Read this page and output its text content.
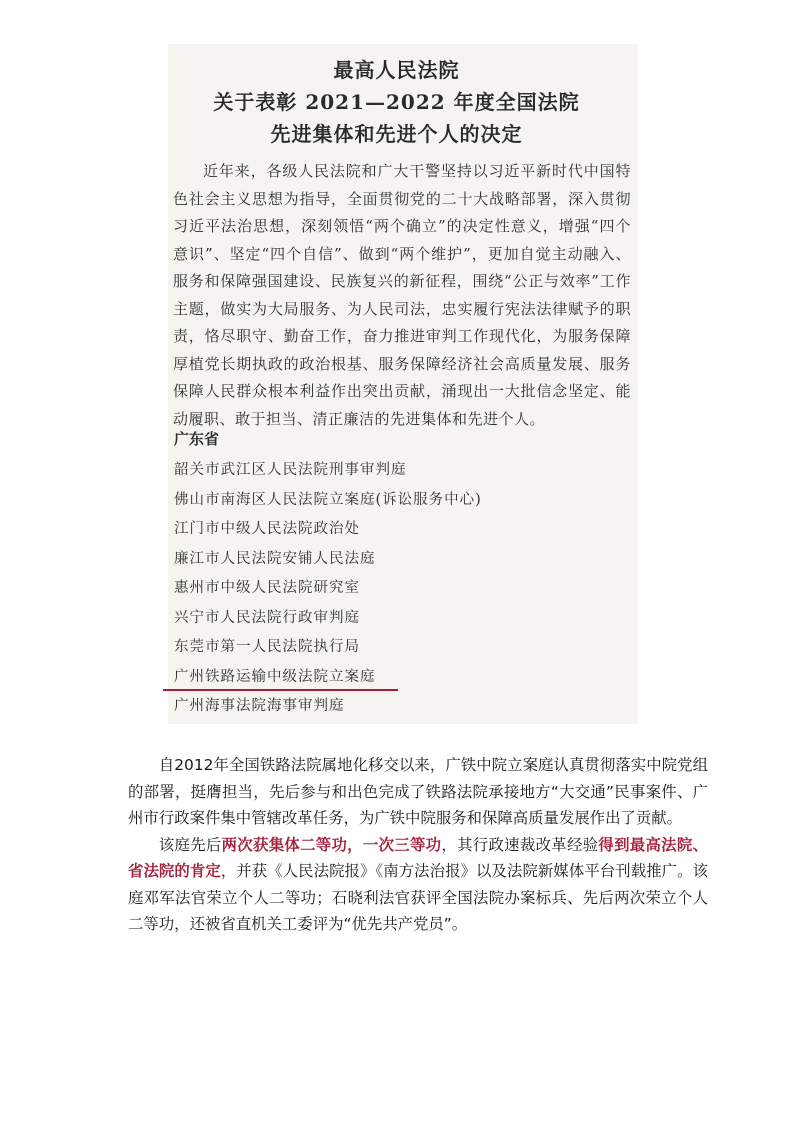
最高人民法院
关于表彰 2021—2022 年度全国法院
先进集体和先进个人的决定

近年来，各级人民法院和广大干警坚持以习近平新时代中国特色社会主义思想为指导，全面贯彻党的二十大战略部署，深入贯彻习近平法治思想，深刻领悟“两个确立”的决定性意义，增强“四个意识”、坚定“四个自信”、做到“两个维护”，更加自觉主动融入、服务和保障强国建设、民族复兴的新征程，围绕“公正与效率”工作主题，做实为大局服务、为人民司法，忠实履行宪法法律赋予的职责，恪尽职守、勤奋工作，奋力推进审判工作现代化，为服务保障厚植党长期执政的政治根基、服务保障经济社会高质量发展、服务保障人民群众根本利益作出突出贡献，涌现出一大批信念坚定、能动履职、敢于担当、清正廉洁的先进集体和先进个人。

广东省
韶关市武江区人民法院刑事审判庭
佛山市南海区人民法院立案庭(诉讼服务中心)
江门市中级人民法院政治处
廉江市人民法院安铺人民法庭
惠州市中级人民法院研究室
兴宁市人民法院行政审判庭
东莞市第一人民法院执行局
广州铁路运输中级法院立案庭
广州海事法院海事审判庭

自2012年全国铁路法院属地化移交以来，广铁中院立案庭认真贯彻落实中院党组的部署，挺膺担当，先后参与和出色完成了铁路法院承接地方“大交通”民事案件、广州市行政案件集中管辖改革任务，为广铁中院服务和保障高质量发展作出了贡献。

该庭先后两次获集体二等功，一次三等功，其行政速裁改革经验得到最高法院、省法院的肯定，并获《人民法院报》《南方法治报》以及法院新媒体平台刊载推广。该庭邓军法官荣立个人二等功；石晓利法官获评全国法院办案标兵、先后两次荣立个人二等功，还被省直机关工委评为“优先共产党员”。
